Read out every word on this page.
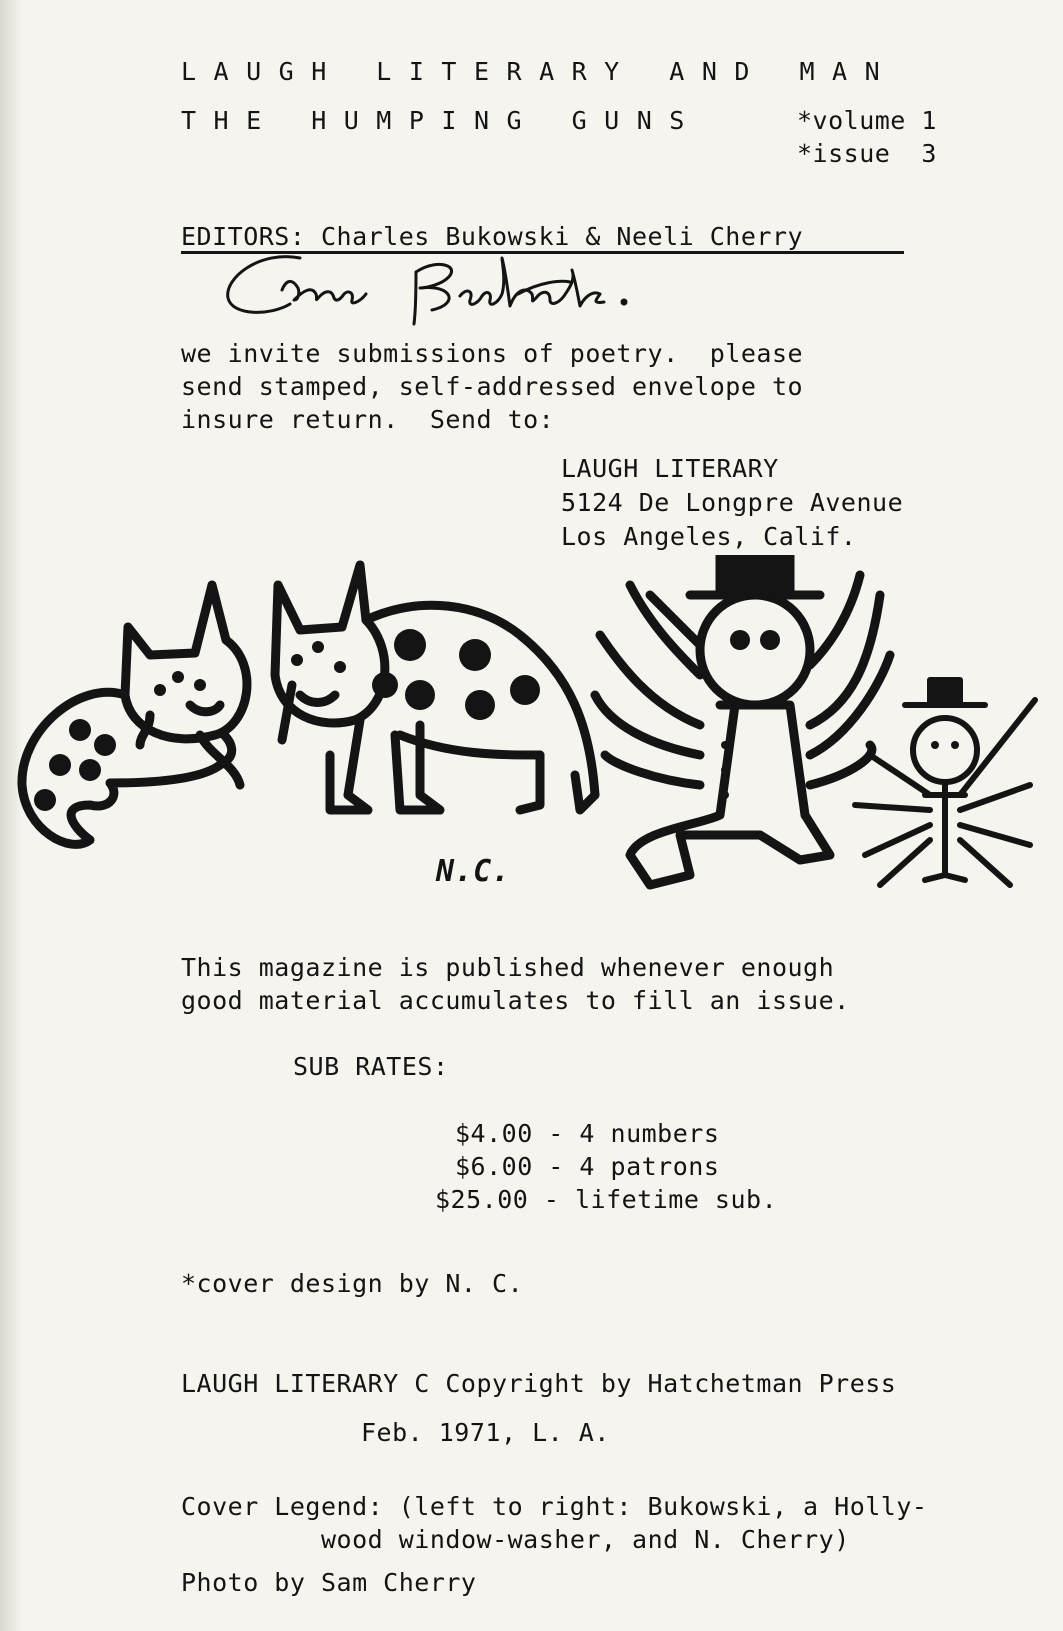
LAUGH LITERARY AND MAN
THE HUMPING GUNS	*volume 1
*issue  3
EDITORS: Charles Bukowski & Neeli Cherry
we invite submissions of poetry.  please
send stamped, self-addressed envelope to
insure return.  Send to:
LAUGH LITERARY
5124 De Longpre Avenue
Los Angeles, Calif.
N.C.
This magazine is published whenever enough
good material accumulates to fill an issue.
SUB RATES:
$4.00 - 4 numbers
$6.00 - 4 patrons
$25.00 - lifetime sub.
*cover design by N. C.
LAUGH LITERARY C Copyright by Hatchetman Press
Feb. 1971, L. A.
Cover Legend: (left to right: Bukowski, a Holly-
wood window-washer, and N. Cherry)
Photo by Sam Cherry
